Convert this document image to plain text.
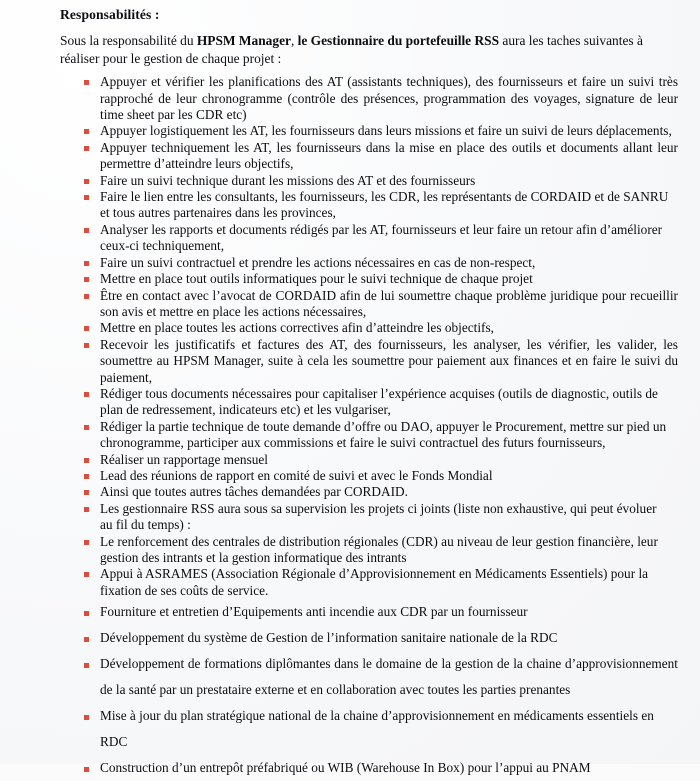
Responsabilités :

Sous la responsabilité du HPSM Manager, le Gestionnaire du portefeuille RSS aura les taches suivantes à réaliser pour le gestion de chaque projet :

Appuyer et vérifier les planifications des AT (assistants techniques), des fournisseurs et faire un suivi très rapproché de leur chronogramme (contrôle des présences, programmation des voyages, signature de leur time sheet par les CDR etc)
Appuyer logistiquement les AT, les fournisseurs dans leurs missions et faire un suivi de leurs déplacements,
Appuyer techniquement les AT, les fournisseurs dans la mise en place des outils et documents allant leur permettre d’atteindre leurs objectifs,
Faire un suivi technique durant les missions des AT et des fournisseurs
Faire le lien entre les consultants, les fournisseurs, les CDR, les représentants de CORDAID et de SANRU et tous autres partenaires dans les provinces,
Analyser les rapports et documents rédigés par les AT, fournisseurs et leur faire un retour afin d’améliorer ceux-ci techniquement,
Faire un suivi contractuel et prendre les actions nécessaires en cas de non-respect,
Mettre en place tout outils informatiques pour le suivi technique de chaque projet
Être en contact avec l’avocat de CORDAID afin de lui soumettre chaque problème juridique pour recueillir son avis et mettre en place les actions nécessaires,
Mettre en place toutes les actions correctives afin d’atteindre les objectifs,
Recevoir les justificatifs et factures des AT, des fournisseurs, les analyser, les vérifier, les valider, les soumettre au HPSM Manager, suite à cela les soumettre pour paiement aux finances et en faire le suivi du paiement,
Rédiger tous documents nécessaires pour capitaliser l’expérience acquises (outils de diagnostic, outils de plan de redressement, indicateurs etc) et les vulgariser,
Rédiger la partie technique de toute demande d’offre ou DAO, appuyer le Procurement, mettre sur pied un chronogramme, participer aux commissions et faire le suivi contractuel des futurs fournisseurs,
Réaliser un rapportage mensuel
Lead des réunions de rapport en comité de suivi et avec le Fonds Mondial
Ainsi que toutes autres tâches demandées par CORDAID.
Les gestionnaire RSS aura sous sa supervision les projets ci joints (liste non exhaustive, qui peut évoluer au fil du temps) :
Le renforcement des centrales de distribution régionales (CDR) au niveau de leur gestion financière, leur gestion des intrants et la gestion informatique des intrants
Appui à ASRAMES (Association Régionale d’Approvisionnement en Médicaments Essentiels) pour la fixation de ses coûts de service.
Fourniture et entretien d’Equipements anti incendie aux CDR par un fournisseur
Développement du système de Gestion de l’information sanitaire nationale de la RDC
Développement de formations diplômantes dans le domaine de la gestion de la chaine d’approvisionnement de la santé par un prestataire externe et en collaboration avec toutes les parties prenantes
Mise à jour du plan stratégique national de la chaine d’approvisionnement en médicaments essentiels en RDC
Construction d’un entrepôt préfabriqué ou WIB (Warehouse In Box) pour l’appui au PNAM
